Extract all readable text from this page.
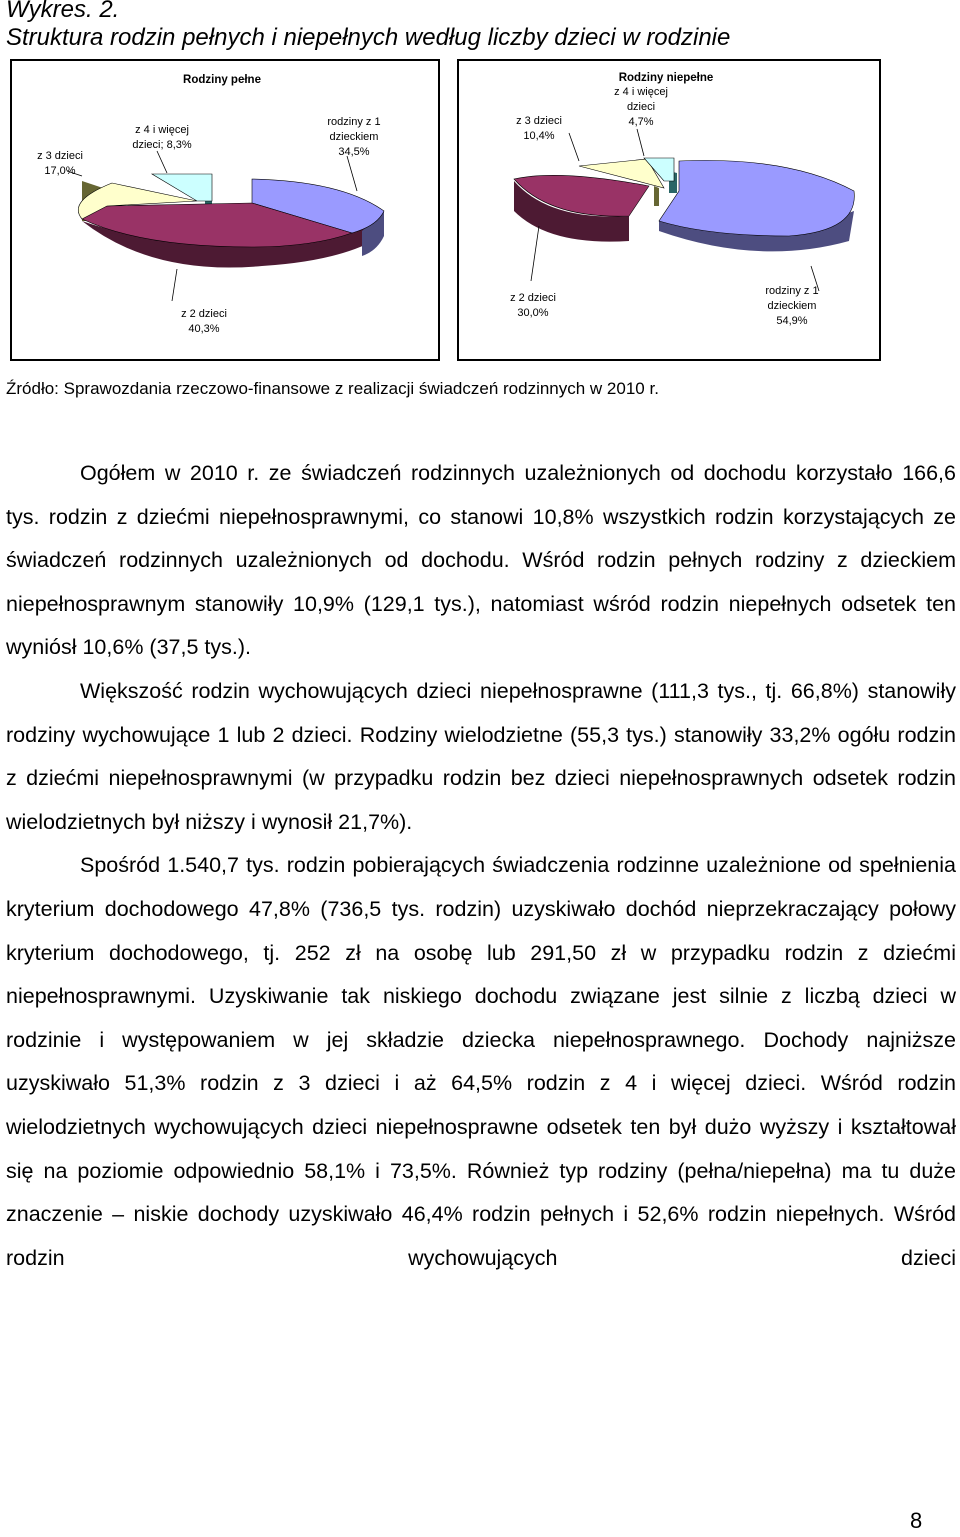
Wykres. 2.
Struktura rodzin pełnych i niepełnych według liczby dzieci w rodzinie
Rodziny pełne
z 3 dzieci
17,0%
z 4 i więcej
dzieci; 8,3%
rodziny z 1
dzieckiem
34,5%
z 2 dzieci
40,3%
Rodziny niepełne
z 4 i więcej
dzieci
4,7%
z 3 dzieci
10,4%
z 2 dzieci
30,0%
rodziny z 1
dzieckiem
54,9%
Źródło: Sprawozdania rzeczowo-finansowe z realizacji świadczeń rodzinnych w 2010 r.

Ogółem w 2010 r. ze świadczeń rodzinnych uzależnionych od dochodu korzystało 166,6 tys. rodzin z dziećmi niepełnosprawnymi, co stanowi 10,8% wszystkich rodzin korzystających ze świadczeń rodzinnych uzależnionych od dochodu. Wśród rodzin pełnych rodziny z dzieckiem niepełnosprawnym stanowiły 10,9% (129,1 tys.), natomiast wśród rodzin niepełnych odsetek ten wyniósł 10,6% (37,5 tys.).

Większość rodzin wychowujących dzieci niepełnosprawne (111,3 tys., tj. 66,8%) stanowiły rodziny wychowujące 1 lub 2 dzieci. Rodziny wielodzietne (55,3 tys.) stanowiły 33,2% ogółu rodzin z dziećmi niepełnosprawnymi (w przypadku rodzin bez dzieci niepełnosprawnych odsetek rodzin wielodzietnych był niższy i wynosił 21,7%).

Spośród 1.540,7 tys. rodzin pobierających świadczenia rodzinne uzależnione od spełnienia kryterium dochodowego 47,8% (736,5 tys. rodzin) uzyskiwało dochód nieprzekraczający połowy kryterium dochodowego, tj. 252 zł na osobę lub 291,50 zł w przypadku rodzin z dziećmi niepełnosprawnymi. Uzyskiwanie tak niskiego dochodu związane jest silnie z liczbą dzieci w rodzinie i występowaniem w jej składzie dziecka niepełnosprawnego. Dochody najniższe uzyskiwało 51,3% rodzin z 3 dzieci i aż 64,5% rodzin z 4 i więcej dzieci. Wśród rodzin wielodzietnych wychowujących dzieci niepełnosprawne odsetek ten był dużo wyższy i kształtował się na poziomie odpowiednio 58,1% i 73,5%. Również typ rodziny (pełna/niepełna) ma tu duże znaczenie – niskie dochody uzyskiwało 46,4% rodzin pełnych i 52,6% rodzin niepełnych. Wśród rodzin wychowujących dzieci

8
